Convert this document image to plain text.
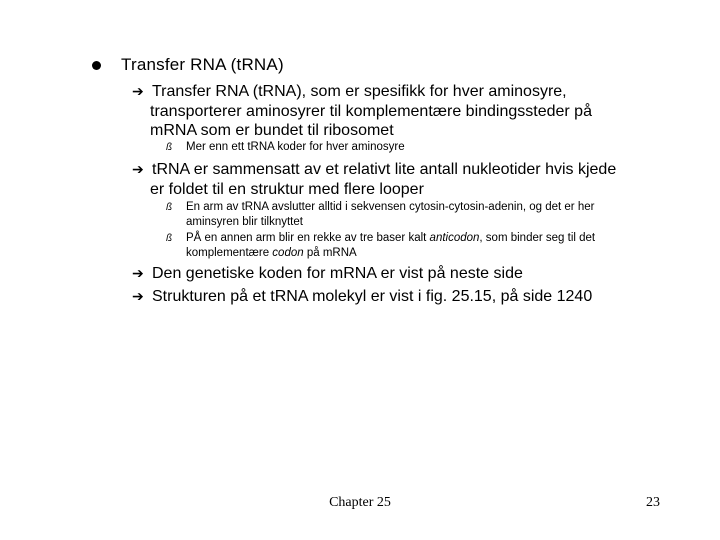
Transfer RNA (tRNA)
➔ Transfer RNA (tRNA), som er spesifikk for hver aminosyre,
transporterer aminosyrer til komplementære bindingssteder på
mRNA som er bundet til ribosomet
ß	Mer enn ett tRNA koder for hver aminosyre
➔ tRNA er sammensatt av et relativt lite antall nukleotider hvis kjede
er foldet til en struktur med flere looper
ß	En arm av tRNA avslutter alltid i sekvensen cytosin-cytosin-adenin, og det er her
aminsyren blir tilknyttet
ß	PÅ en annen arm blir en rekke av tre baser kalt anticodon, som binder seg til det
komplementære codon på mRNA
➔ Den genetiske koden for mRNA er vist på neste side
➔ Strukturen på et tRNA molekyl er vist i fig. 25.15, på side 1240
Chapter 25	23
